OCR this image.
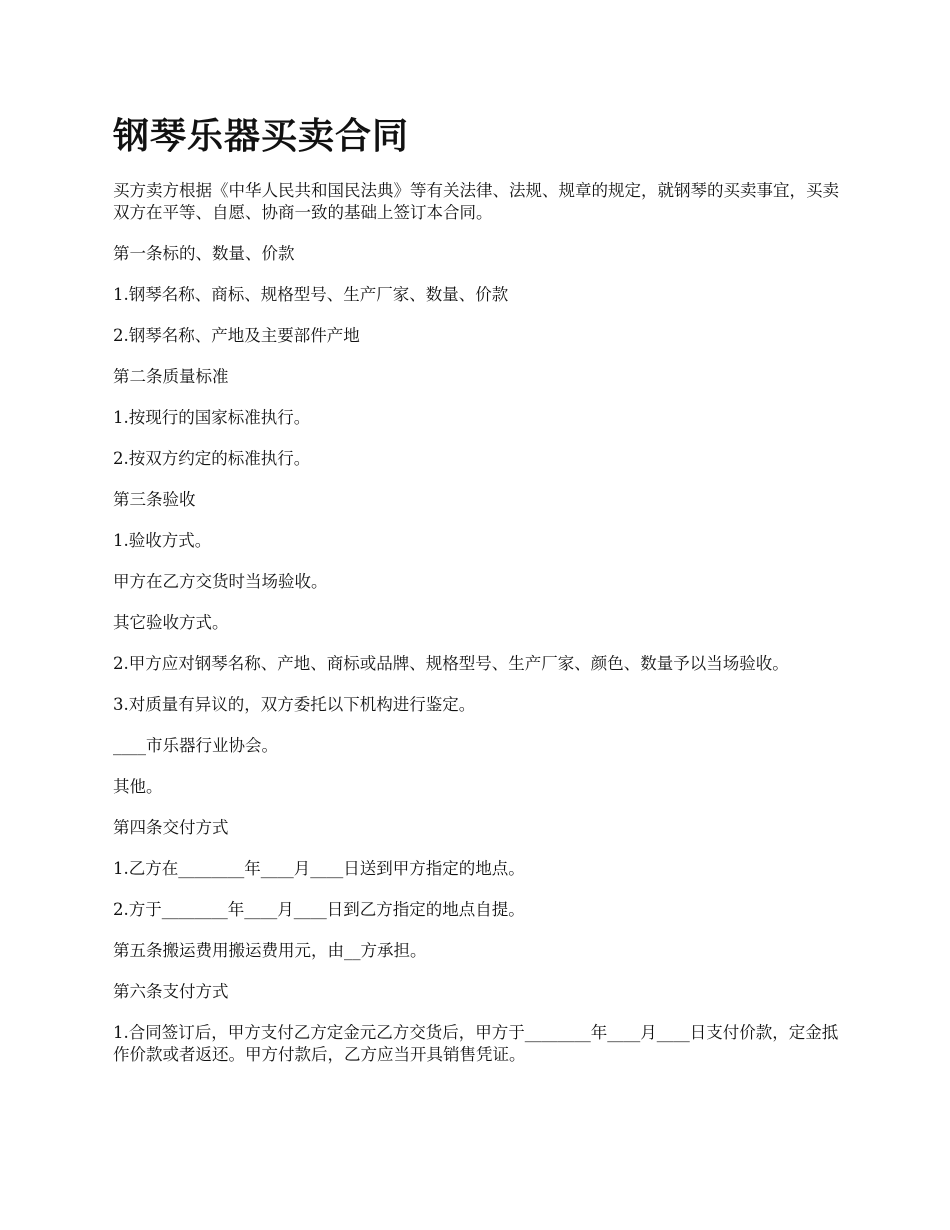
钢琴乐器买卖合同

买方卖方根据《中华人民共和国民法典》等有关法律、法规、规章的规定，就钢琴的买卖事宜，买卖双方在平等、自愿、协商一致的基础上签订本合同。

第一条标的、数量、价款

1.钢琴名称、商标、规格型号、生产厂家、数量、价款

2.钢琴名称、产地及主要部件产地

第二条质量标准

1.按现行的国家标准执行。

2.按双方约定的标准执行。

第三条验收

1.验收方式。

甲方在乙方交货时当场验收。

其它验收方式。

2.甲方应对钢琴名称、产地、商标或品牌、规格型号、生产厂家、颜色、数量予以当场验收。

3.对质量有异议的，双方委托以下机构进行鉴定。

____市乐器行业协会。

其他。

第四条交付方式

1.乙方在________年____月____日送到甲方指定的地点。

2.方于________年____月____日到乙方指定的地点自提。

第五条搬运费用搬运费用元，由__方承担。

第六条支付方式

1.合同签订后，甲方支付乙方定金元乙方交货后，甲方于________年____月____日支付价款，定金抵作价款或者返还。甲方付款后，乙方应当开具销售凭证。
